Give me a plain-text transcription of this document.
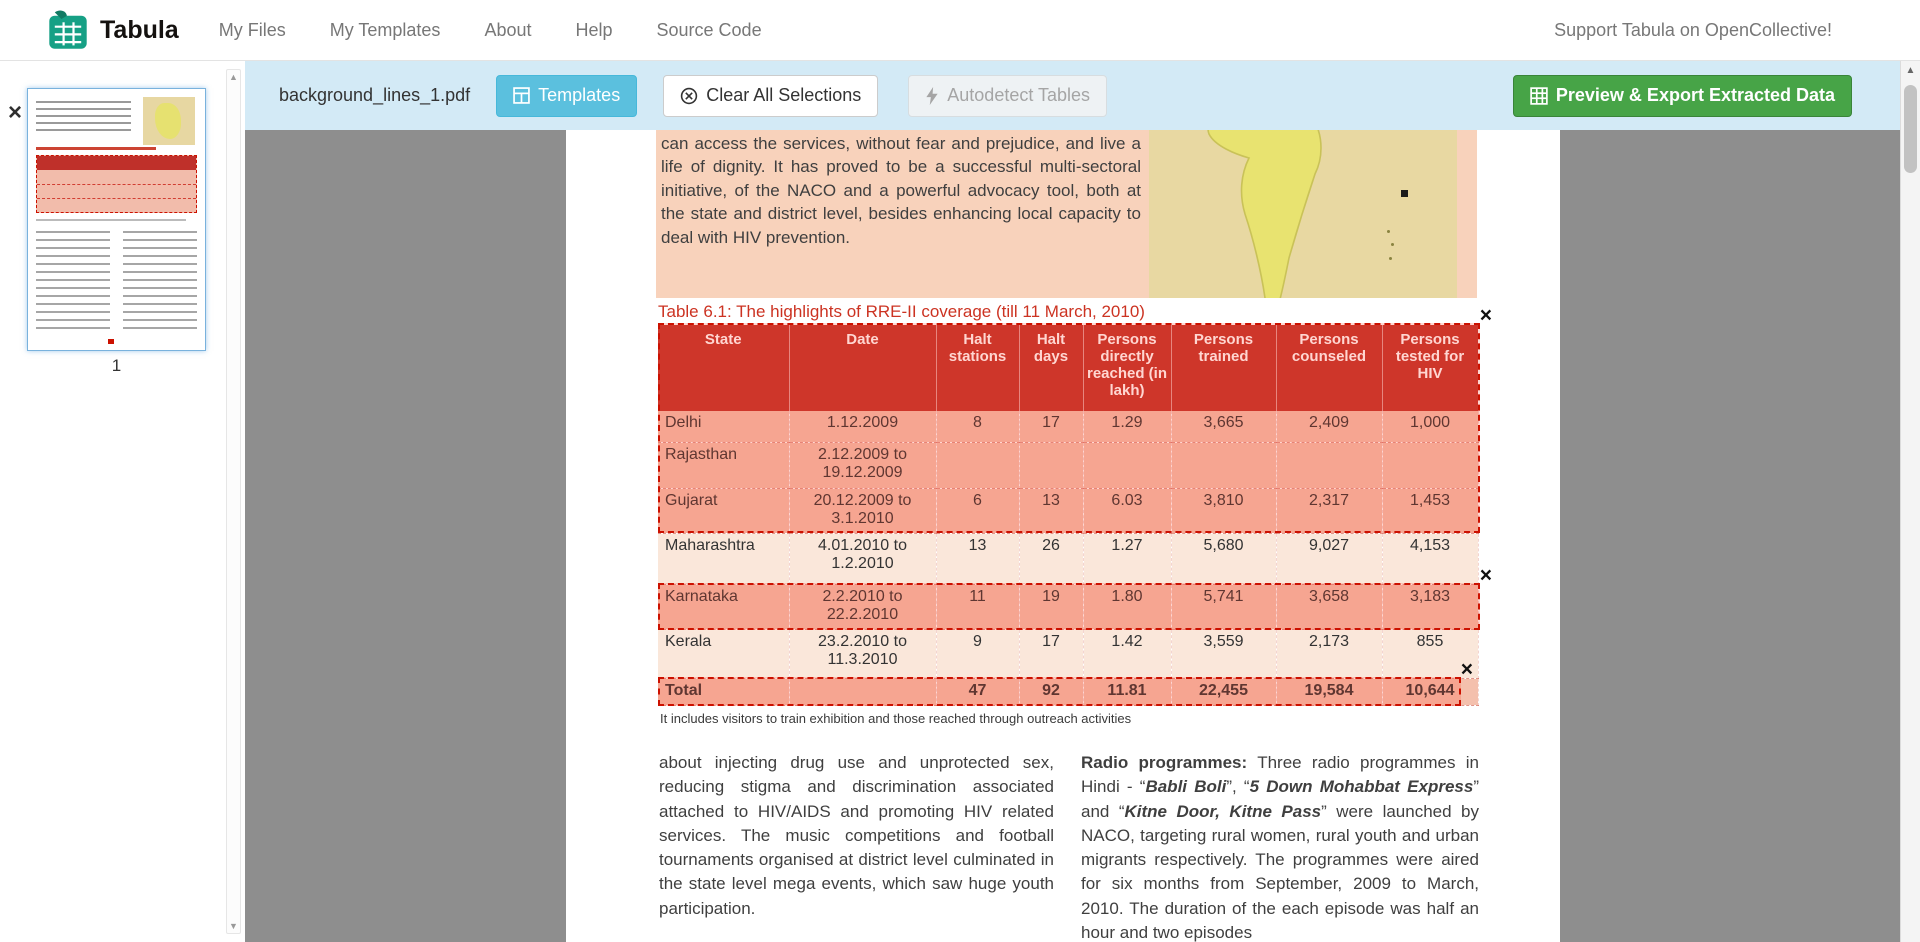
Tabula My Files My Templates About Help Source Code	Support Tabula on OpenCollective!
×
1
▲
▼
background_lines_1.pdf	Templates	Clear All Selections	Autodetect Tables	Preview & Export Extracted Data

can access the services, without fear and prejudice, and live a life of dignity. It has proved to be a successful multi-sectoral initiative, of the NACO and a powerful advocacy tool, both at the state and district level, besides enhancing local capacity to deal with HIV prevention.

Table 6.1: The highlights of RRE-II coverage (till 11 March, 2010)
State	Date	Halt stations	Halt days	Persons directly reached (in lakh)	Persons trained	Persons counseled	Persons tested for HIV
Delhi	1.12.2009	8	17	1.29	3,665	2,409	1,000
Rajasthan	2.12.2009 to 19.12.2009						
Gujarat	20.12.2009 to 3.1.2010	6	13	6.03	3,810	2,317	1,453
Maharashtra	4.01.2010 to 1.2.2010	13	26	1.27	5,680	9,027	4,153
Karnataka	2.2.2010 to 22.2.2010	11	19	1.80	5,741	3,658	3,183
Kerala	23.2.2010 to 11.3.2010	9	17	1.42	3,559	2,173	855
Total		47	92	11.81	22,455	19,584	10,644
It includes visitors to train exhibition and those reached through outreach activities
about injecting drug use and unprotected sex, reducing stigma and discrimination associated attached to HIV/AIDS and promoting HIV related services. The music competitions and football tournaments organised at district level culminated in the state level mega events, which saw huge youth participation.
Radio programmes: Three radio programmes in Hindi - “Babli Boli”, “5 Down Mohabbat Express” and “Kitne Door, Kitne Pass” were launched by NACO, targeting rural women, rural youth and urban migrants respectively. The programmes were aired for six months from September, 2009 to March, 2010. The duration of the each episode was half an hour and two episodes
×
×
×
▲
